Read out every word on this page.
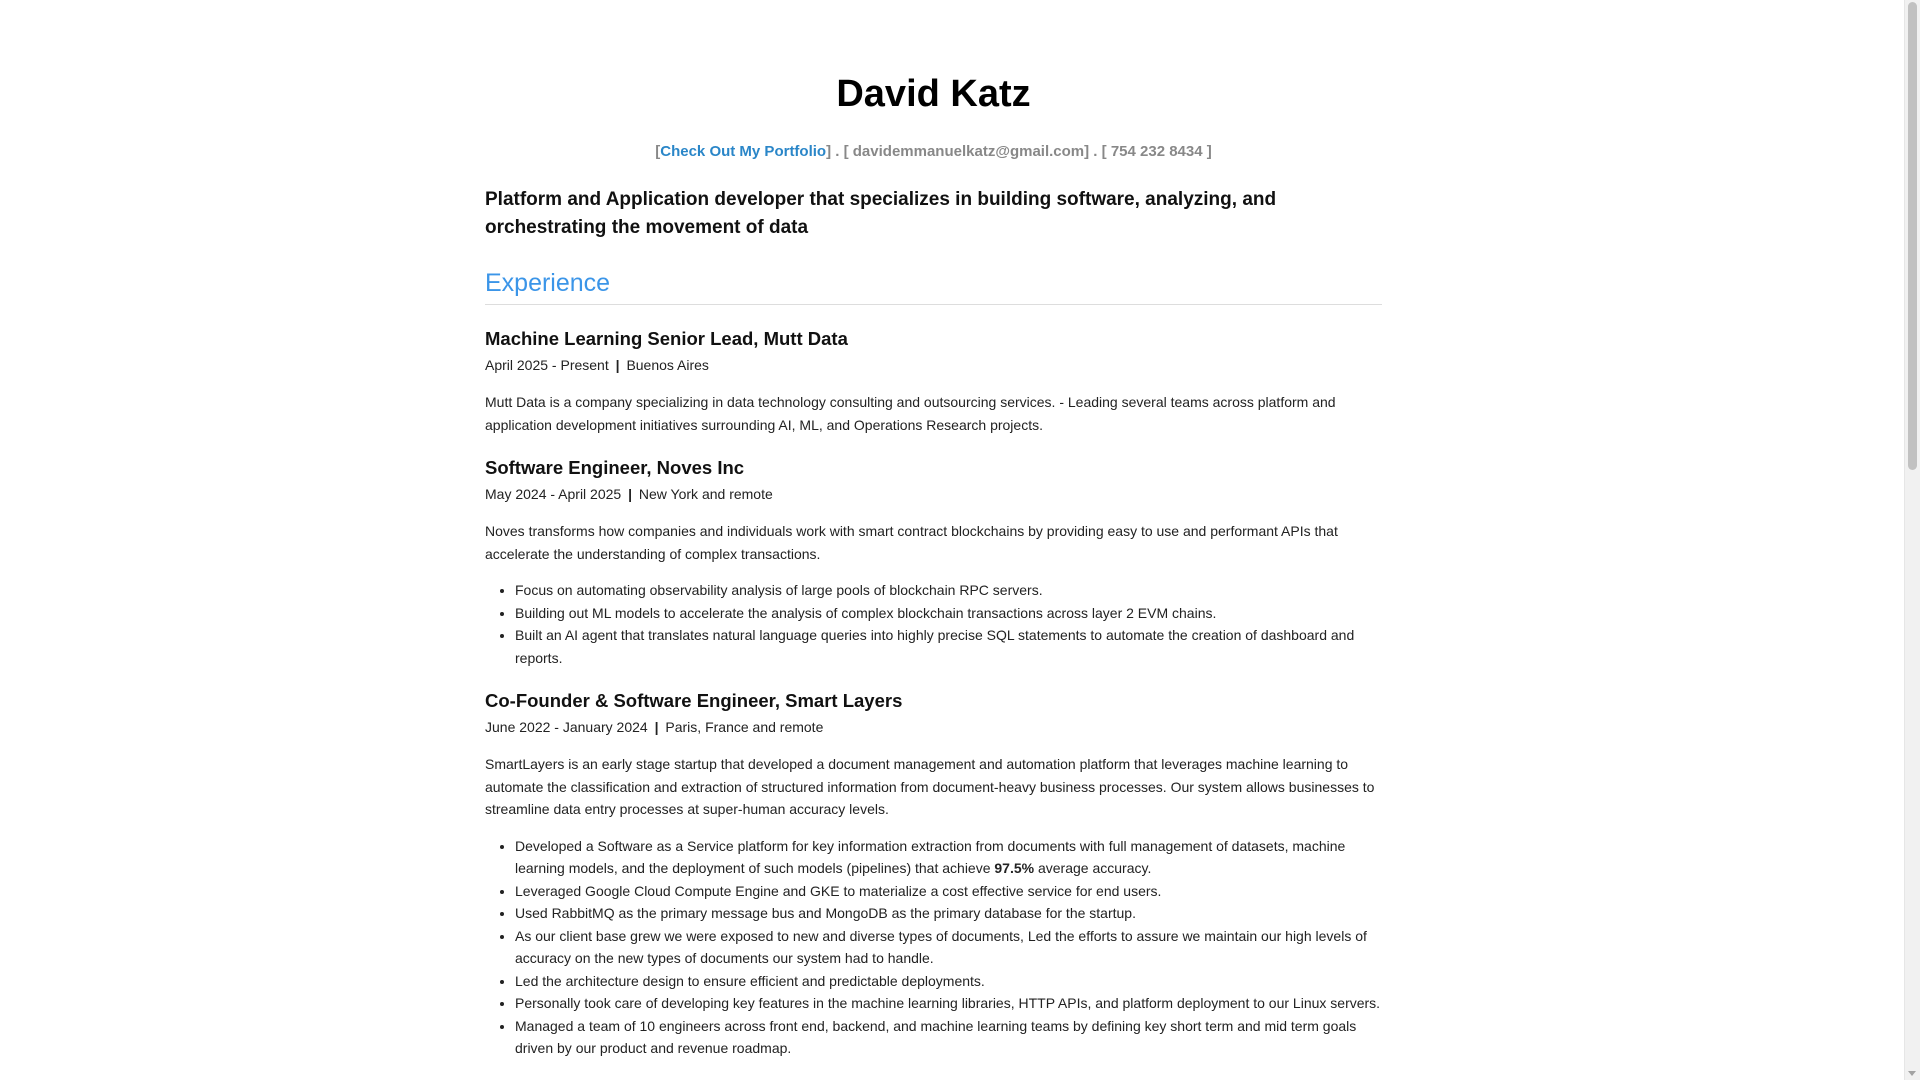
David Katz
[Check Out My Portfolio] . [ davidemmanuelkatz@gmail.com] . [ 754 232 8434 ]
Platform and Application developer that specializes in building software, analyzing, and orchestrating the movement of data
Experience
Machine Learning Senior Lead, Mutt Data
April 2025 - Present | Buenos Aires
Mutt Data is a company specializing in data technology consulting and outsourcing services. - Leading several teams across platform and application development initiatives surrounding AI, ML, and Operations Research projects.
Software Engineer, Noves Inc
May 2024 - April 2025 | New York and remote
Noves transforms how companies and individuals work with smart contract blockchains by providing easy to use and performant APIs that accelerate the understanding of complex transactions.
• Focus on automating observability analysis of large pools of blockchain RPC servers.
• Building out ML models to accelerate the analysis of complex blockchain transactions across layer 2 EVM chains.
• Built an AI agent that translates natural language queries into highly precise SQL statements to automate the creation of dashboard and reports.
Co-Founder & Software Engineer, Smart Layers
June 2022 - January 2024 | Paris, France and remote
SmartLayers is an early stage startup that developed a document management and automation platform that leverages machine learning to automate the classification and extraction of structured information from document-heavy business processes. Our system allows businesses to streamline data entry processes at super-human accuracy levels.
• Developed a Software as a Service platform for key information extraction from documents with full management of datasets, machine learning models, and the deployment of such models (pipelines) that achieve 97.5% average accuracy.
• Leveraged Google Cloud Compute Engine and GKE to materialize a cost effective service for end users.
• Used RabbitMQ as the primary message bus and MongoDB as the primary database for the startup.
• As our client base grew we were exposed to new and diverse types of documents, Led the efforts to assure we maintain our high levels of accuracy on the new types of documents our system had to handle.
• Led the architecture design to ensure efficient and predictable deployments.
• Personally took care of developing key features in the machine learning libraries, HTTP APIs, and platform deployment to our Linux servers.
• Managed a team of 10 engineers across front end, backend, and machine learning teams by defining key short term and mid term goals driven by our product and revenue roadmap.
